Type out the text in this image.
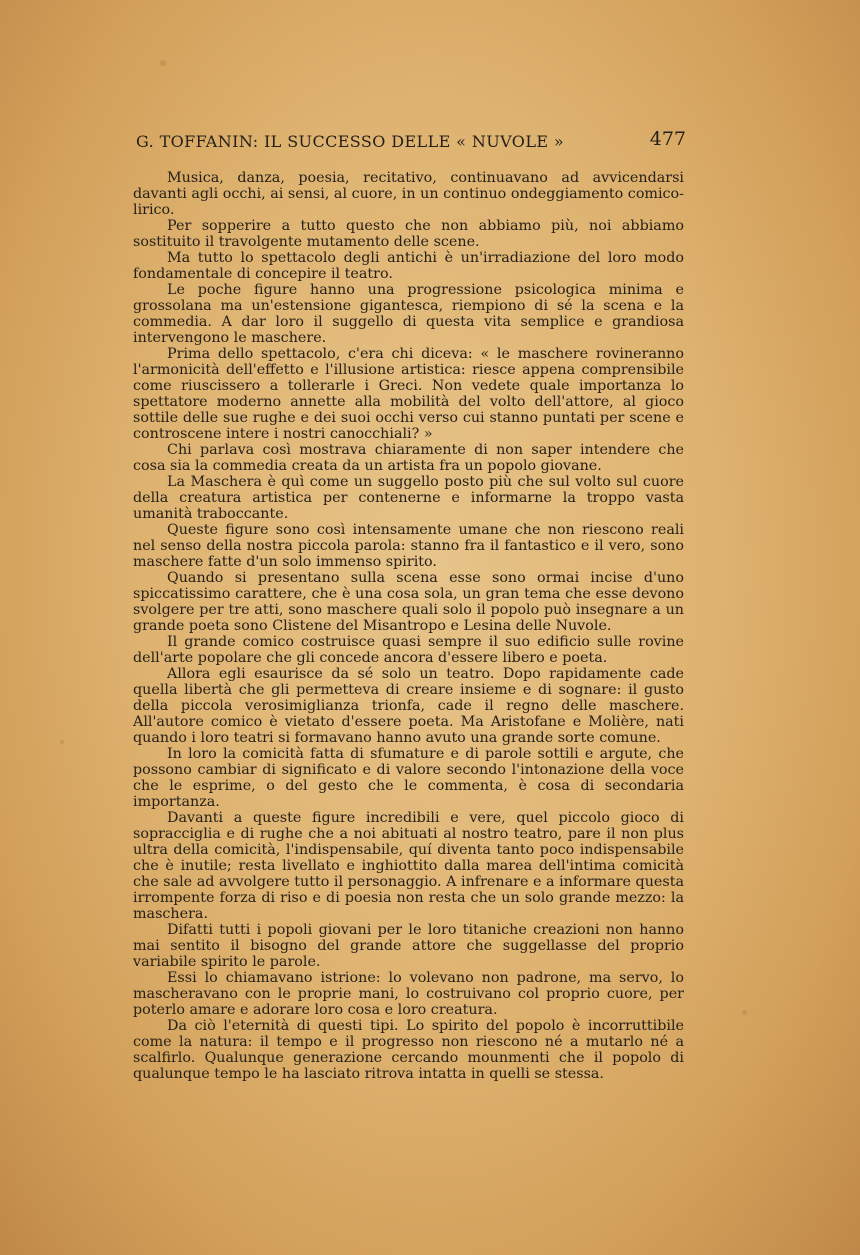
G. TOFFANIN: IL SUCCESSO DELLE « NUVOLE »	477

Musica, danza, poesia, recitativo, continuavano ad avvicendarsi davanti agli occhi, ai sensi, al cuore, in un continuo ondeggiamento comico-lirico.

Per sopperire a tutto questo che non abbiamo più, noi abbiamo sostituito il travolgente mutamento delle scene.

Ma tutto lo spettacolo degli antichi è un'irradiazione del loro modo fondamentale di concepire il teatro.

Le poche figure hanno una progressione psicologica minima e grossolana ma un'estensione gigantesca, riempiono di sé la scena e la commedia. A dar loro il suggello di questa vita semplice e grandiosa intervengono le maschere.

Prima dello spettacolo, c'era chi diceva: « le maschere rovineranno l'armonicità dell'effetto e l'illusione artistica: riesce appena comprensibile come riuscissero a tollerarle i Greci. Non vedete quale importanza lo spettatore moderno annette alla mobilità del volto dell'attore, al gioco sottile delle sue rughe e dei suoi occhi verso cui stanno puntati per scene e controscene intere i nostri canocchiali? »

Chi parlava così mostrava chiaramente di non saper intendere che cosa sia la commedia creata da un artista fra un popolo giovane.

La Maschera è quì come un suggello posto più che sul volto sul cuore della creatura artistica per contenerne e informarne la troppo vasta umanità traboccante.

Queste figure sono così intensamente umane che non riescono reali nel senso della nostra piccola parola: stanno fra il fantastico e il vero, sono maschere fatte d'un solo immenso spirito.

Quando si presentano sulla scena esse sono ormai incise d'uno spiccatissimo carattere, che è una cosa sola, un gran tema che esse devono svolgere per tre atti, sono maschere quali solo il popolo può insegnare a un grande poeta sono Clistene del Misantropo e Lesina delle Nuvole.

Il grande comico costruisce quasi sempre il suo edificio sulle rovine dell'arte popolare che gli concede ancora d'essere libero e poeta.

Allora egli esaurisce da sé solo un teatro. Dopo rapidamente cade quella libertà che gli permetteva di creare insieme e di sognare: il gusto della piccola verosimiglianza trionfa, cade il regno delle maschere. All'autore comico è vietato d'essere poeta. Ma Aristofane e Molière, nati quando i loro teatri si formavano hanno avuto una grande sorte comune.

In loro la comicità fatta di sfumature e di parole sottili e argute, che possono cambiar di significato e di valore secondo l'intonazione della voce che le esprime, o del gesto che le commenta, è cosa di secondaria importanza.

Davanti a queste figure incredibili e vere, quel piccolo gioco di sopracciglia e di rughe che a noi abituati al nostro teatro, pare il non plus ultra della comicità, l'indispensabile, quí diventa tanto poco indispensabile che è inutile; resta livellato e inghiottito dalla marea dell'intima comicità che sale ad avvolgere tutto il personaggio. A infrenare e a informare questa irrompente forza di riso e di poesia non resta che un solo grande mezzo: la maschera.

Difatti tutti i popoli giovani per le loro titaniche creazioni non hanno mai sentito il bisogno del grande attore che suggellasse del proprio variabile spirito le parole.

Essi lo chiamavano istrione: lo volevano non padrone, ma servo, lo mascheravano con le proprie mani, lo costruivano col proprio cuore, per poterlo amare e adorare loro cosa e loro creatura.

Da ciò l'eternità di questi tipi. Lo spirito del popolo è incorruttibile come la natura: il tempo e il progresso non riescono né a mutarlo né a scalfirlo. Qualunque generazione cercando mounmenti che il popolo di qualunque tempo le ha lasciato ritrova intatta in quelli se stessa.
